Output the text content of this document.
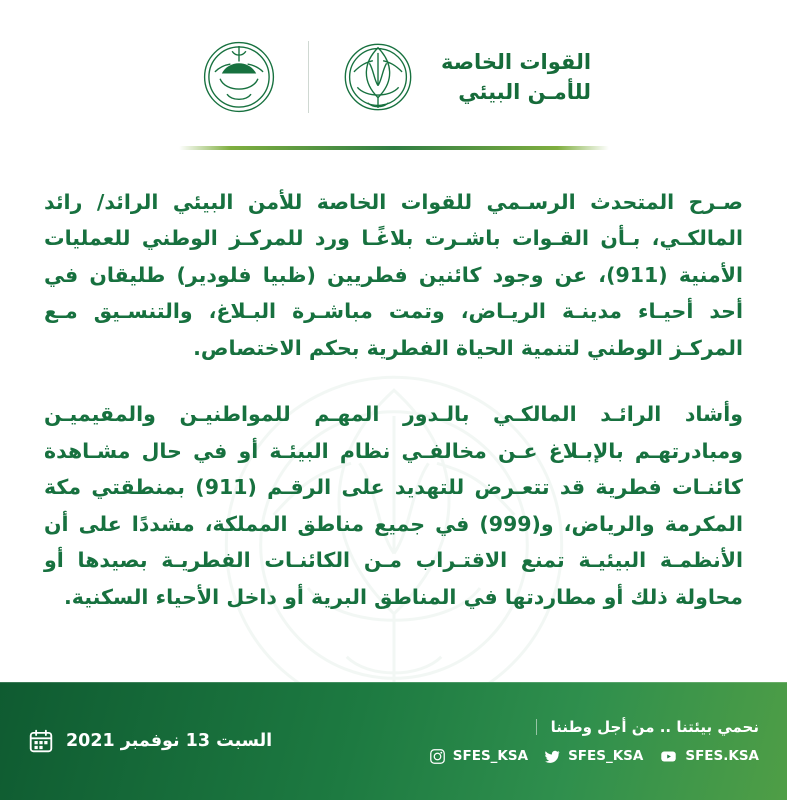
القوات الخاصة
للأمـن البيئي

صـرح المتحدث الرسـمي للقوات الخاصة للأمن البيئي الرائد/ رائد المالكـي، بـأن القـوات باشـرت بلاغًـا ورد للمركـز الوطني للعمليات الأمنية (911)، عن وجود كائنين فطريين (ظبيا فلودير) طليقان في أحد أحيـاء مدينـة الريـاض، وتمت مباشـرة البـلاغ، والتنسـيق مـع المركـز الوطني لتنمية الحياة الفطرية بحكم الاختصاص.

وأشاد الرائـد المالكـي بالـدور المهـم للمواطنيـن والمقيميـن ومبادرتهـم بالإبـلاغ عـن مخالفـي نظام البيئـة أو في حال مشـاهدة كائنـات فطرية قد تتعـرض للتهديد على الرقـم (911) بمنطقتي مكة المكرمة والرياض، و(999) في جميع مناطق المملكة، مشددًا على أن الأنظمـة البيئيـة تمنع الاقتـراب مـن الكائنـات الفطريـة بصيدها أو محاولة ذلك أو مطاردتها في المناطق البرية أو داخل الأحياء السكنية.

نحمي بيئتنا .. من أجل وطننا
SFES_KSA	SFES_KSA	SFES.KSA
السبت 13 نوفمبر 2021
